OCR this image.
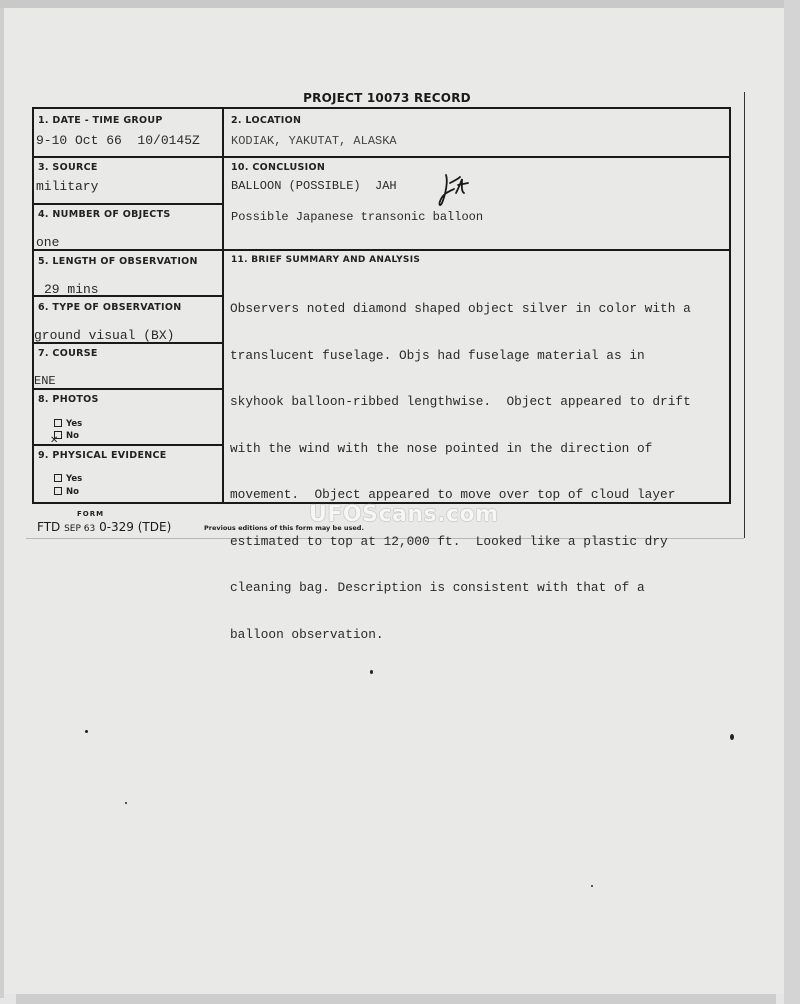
PROJECT 10073 RECORD
1. DATE - TIME GROUP
9-10 Oct 66  10/0145Z
2. LOCATION
KODIAK, YAKUTAT, ALASKA
3. SOURCE
military
4. NUMBER OF OBJECTS
one
10. CONCLUSION
BALLOON (POSSIBLE)  JAH
Possible Japanese transonic balloon
5. LENGTH OF OBSERVATION
29 mins
6. TYPE OF OBSERVATION
ground visual (BX)
7. COURSE
ENE
8. PHOTOS
Yes
No
✕
9. PHYSICAL EVIDENCE
Yes
No
11. BRIEF SUMMARY AND ANALYSIS

Observers noted diamond shaped object silver in color with a

translucent fuselage. Objs had fuselage material as in

skyhook balloon-ribbed lengthwise.  Object appeared to drift

with the wind with the nose pointed in the direction of

movement.  Object appeared to move over top of cloud layer

estimated to top at 12,000 ft.  Looked like a plastic dry

cleaning bag. Description is consistent with that of a

balloon observation.

FORM
FTD SEP 63 0-329 (TDE)	Previous editions of this form may be used.
UFOScans.com
